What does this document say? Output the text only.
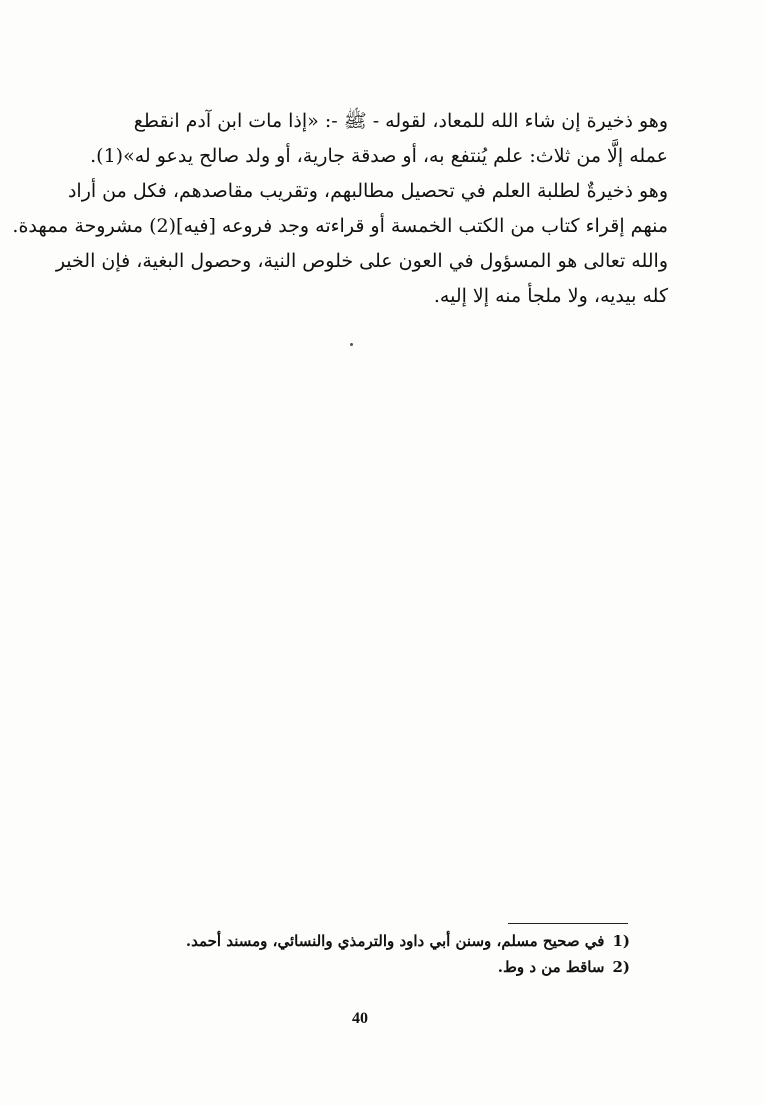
وهو ذخيرة إن شاء الله للمعاد، لقوله - ﷺ -: «إذا مات ابن آدم انقطع
عمله إلَّا من ثلاث: علم يُنتفع به، أو صدقة جارية، أو ولد صالح يدعو له»(1).
وهو ذخيرةٌ لطلبة العلم في تحصيل مطالبهم، وتقريب مقاصدهم، فكل من أراد
منهم إقراء كتاب من الكتب الخمسة أو قراءته وجد فروعه [فيه](2) مشروحة ممهدة.
والله تعالى هو المسؤول في العون على خلوص النية، وحصول البغية، فإن الخير
كله بيديه، ولا ملجأ منه إلا إليه.
1)في صحيح مسلم، وسنن أبي داود والترمذي والنسائي، ومسند أحمد.
2)ساقط من د وط.
40
